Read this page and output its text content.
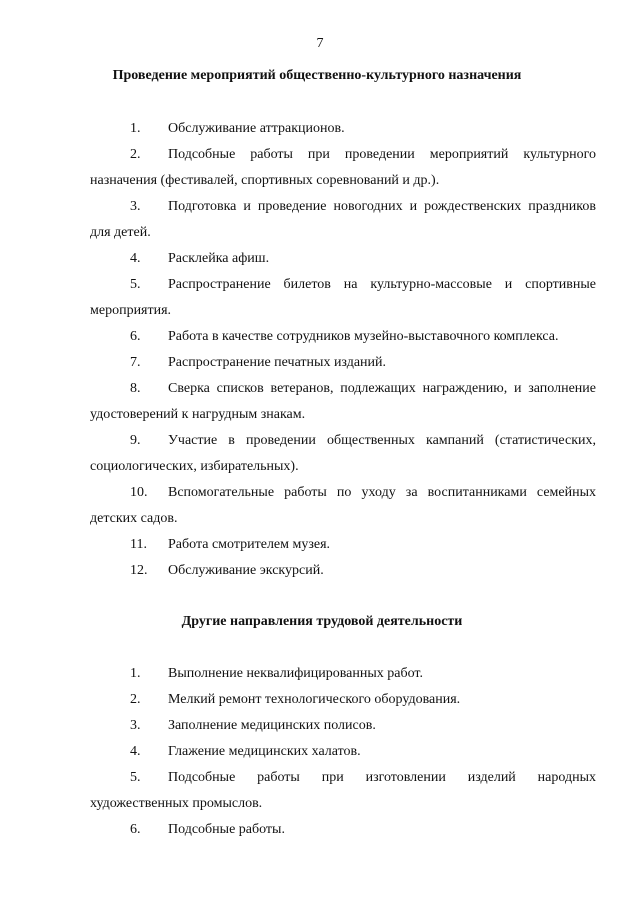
7
Проведение мероприятий общественно-культурного назначения

1. Обслуживание аттракционов.

2. Подсобные работы при проведении мероприятий культурного назначения (фестивалей, спортивных соревнований и др.).

3. Подготовка и проведение новогодних и рождественских праздников для детей.

4. Расклейка афиш.

5. Распространение билетов на культурно-массовые и спортивные мероприятия.

6. Работа в качестве сотрудников музейно-выставочного комплекса.

7. Распространение печатных изданий.

8. Сверка списков ветеранов, подлежащих награждению, и заполнение удостоверений к нагрудным знакам.

9. Участие в проведении общественных кампаний (статистических, социологических, избирательных).

10. Вспомогательные работы по уходу за воспитанниками семейных детских садов.

11. Работа смотрителем музея.

12. Обслуживание экскурсий.

Другие направления трудовой деятельности

1. Выполнение неквалифицированных работ.

2. Мелкий ремонт технологического оборудования.

3. Заполнение медицинских полисов.

4. Глажение медицинских халатов.

5. Подсобные работы при изготовлении изделий народных художественных промыслов.

6. Подсобные работы.
